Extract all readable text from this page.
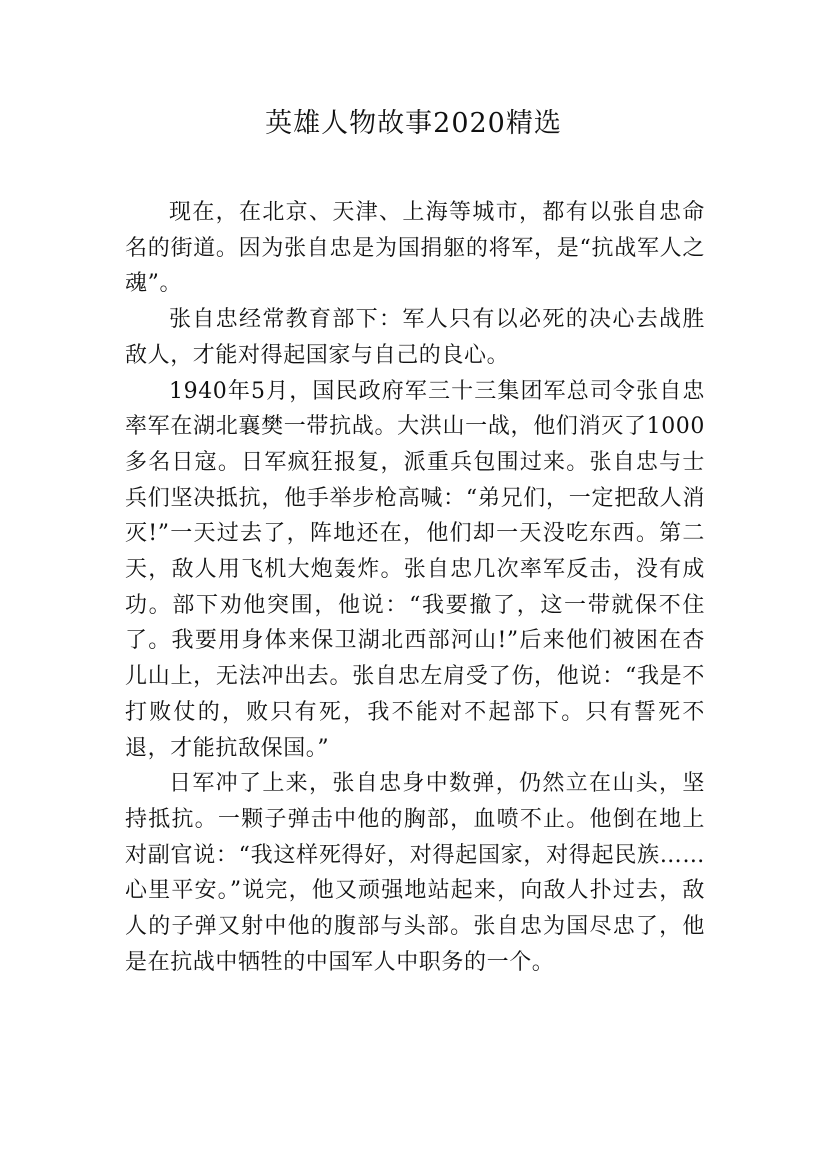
英雄人物故事2020精选

现在，在北京、天津、上海等城市，都有以张自忠命名的街道。因为张自忠是为国捐躯的将军，是“抗战军人之魂”。

张自忠经常教育部下：军人只有以必死的决心去战胜敌人，才能对得起国家与自己的良心。

1940年5月，国民政府军三十三集团军总司令张自忠率军在湖北襄樊一带抗战。大洪山一战，他们消灭了1000多名日寇。日军疯狂报复，派重兵包围过来。张自忠与士兵们坚决抵抗，他手举步枪高喊：“弟兄们，一定把敌人消灭!”一天过去了，阵地还在，他们却一天没吃东西。第二天，敌人用飞机大炮轰炸。张自忠几次率军反击，没有成功。部下劝他突围，他说：“我要撤了，这一带就保不住了。我要用身体来保卫湖北西部河山!”后来他们被困在杏儿山上，无法冲出去。张自忠左肩受了伤，他说：“我是不打败仗的，败只有死，我不能对不起部下。只有誓死不退，才能抗敌保国。”

日军冲了上来，张自忠身中数弹，仍然立在山头，坚持抵抗。一颗子弹击中他的胸部，血喷不止。他倒在地上对副官说：“我这样死得好，对得起国家，对得起民族……心里平安。”说完，他又顽强地站起来，向敌人扑过去，敌人的子弹又射中他的腹部与头部。张自忠为国尽忠了，他是在抗战中牺牲的中国军人中职务的一个。
